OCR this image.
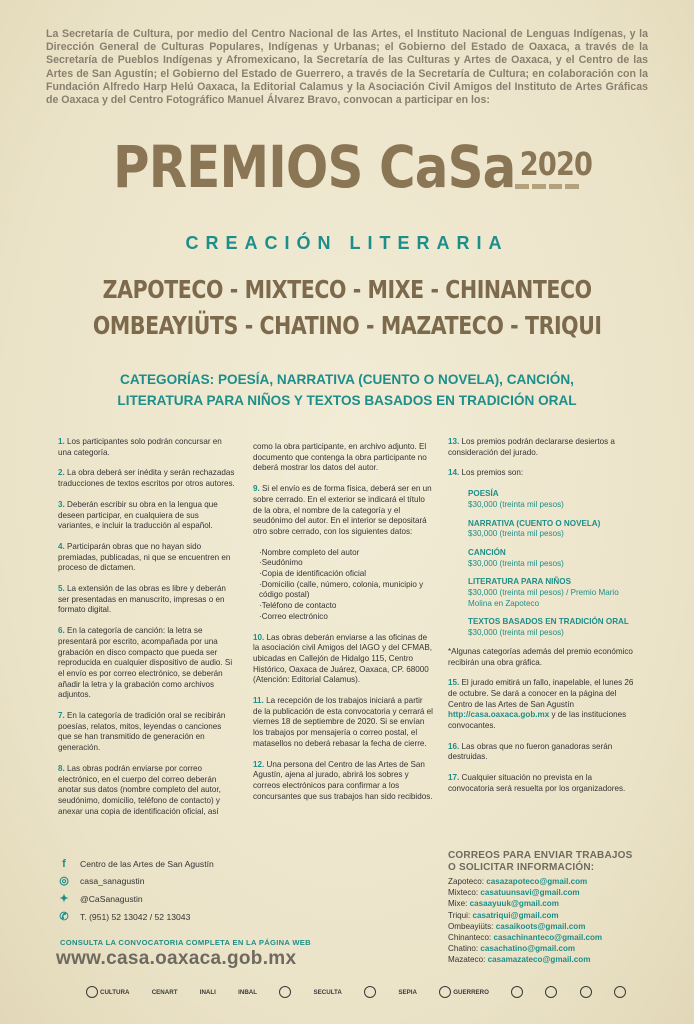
La Secretaría de Cultura, por medio del Centro Nacional de las Artes, el Instituto Nacional de Lenguas Indígenas, y la Dirección General de Culturas Populares, Indígenas y Urbanas; el Gobierno del Estado de Oaxaca, a través de la Secretaría de Pueblos Indígenas y Afromexicano, la Secretaría de las Culturas y Artes de Oaxaca, y el Centro de las Artes de San Agustín; el Gobierno del Estado de Guerrero, a través de la Secretaría de Cultura; en colaboración con la Fundación Alfredo Harp Helú Oaxaca, la Editorial Calamus y la Asociación Civil Amigos del Instituto de Artes Gráficas de Oaxaca y del Centro Fotográfico Manuel Álvarez Bravo, convocan a participar en los:
PREMIOS CaSa 2020
CREACIÓN LITERARIA
ZAPOTECO - MIXTECO - MIXE - CHINANTECO
OMBEAYIÜTS - CHATINO - MAZATECO - TRIQUI
CATEGORÍAS: POESÍA, NARRATIVA (CUENTO O NOVELA), CANCIÓN,
LITERATURA PARA NIÑOS Y TEXTOS BASADOS EN TRADICIÓN ORAL

1. Los participantes solo podrán concursar en una categoría.

2. La obra deberá ser inédita y serán rechazadas traducciones de textos escritos por otros autores.

3. Deberán escribir su obra en la lengua que deseen participar, en cualquiera de sus variantes, e incluir la traducción al español.

4. Participarán obras que no hayan sido premiadas, publicadas, ni que se encuentren en proceso de dictamen.

5. La extensión de las obras es libre y deberán ser presentadas en manuscrito, impresas o en formato digital.

6. En la categoría de canción: la letra se presentará por escrito, acompañada por una grabación en disco compacto que pueda ser reproducida en cualquier dispositivo de audio. Si el envío es por correo electrónico, se deberán añadir la letra y la grabación como archivos adjuntos.

7. En la categoría de tradición oral se recibirán poesías, relatos, mitos, leyendas o canciones que se han transmitido de generación en generación.

8. Las obras podrán enviarse por correo electrónico, en el cuerpo del correo deberán anotar sus datos (nombre completo del autor, seudónimo, domicilio, teléfono de contacto) y anexar una copia de identificación oficial, así

como la obra participante, en archivo adjunto. El documento que contenga la obra participante no deberá mostrar los datos del autor.

9. Si el envío es de forma física, deberá ser en un sobre cerrado. En el exterior se indicará el título de la obra, el nombre de la categoría y el seudónimo del autor. En el interior se depositará otro sobre cerrado, con los siguientes datos:

·Nombre completo del autor
·Seudónimo
·Copia de identificación oficial
·Domicilio (calle, número, colonia, municipio y código postal)
·Teléfono de contacto
·Correo electrónico

10. Las obras deberán enviarse a las oficinas de la asociación civil Amigos del IAGO y del CFMAB, ubicadas en Callejón de Hidalgo 115, Centro Histórico, Oaxaca de Juárez, Oaxaca, CP. 68000 (Atención: Editorial Calamus).

11. La recepción de los trabajos iniciará a partir de la publicación de esta convocatoria y cerrará el viernes 18 de septiembre de 2020. Si se envían los trabajos por mensajería o correo postal, el matasellos no deberá rebasar la fecha de cierre.

12. Una persona del Centro de las Artes de San Agustín, ajena al jurado, abrirá los sobres y correos electrónicos para confirmar a los concursantes que sus trabajos han sido recibidos.

13. Los premios podrán declararse desiertos a consideración del jurado.

14. Los premios son:

POESÍA
$30,000 (treinta mil pesos)
NARRATIVA (CUENTO O NOVELA)
$30,000 (treinta mil pesos)
CANCIÓN
$30,000 (treinta mil pesos)
LITERATURA PARA NIÑOS
$30,000 (treinta mil pesos) / Premio Mario Molina en Zapoteco
TEXTOS BASADOS EN TRADICIÓN ORAL
$30,000 (treinta mil pesos)

*Algunas categorías además del premio económico recibirán una obra gráfica.

15. El jurado emitirá un fallo, inapelable, el lunes 26 de octubre. Se dará a conocer en la página del Centro de las Artes de San Agustín http://casa.oaxaca.gob.mx y de las instituciones convocantes.

16. Las obras que no fueron ganadoras serán destruidas.

17. Cualquier situación no prevista en la convocatoria será resuelta por los organizadores.

f	Centro de las Artes de San Agustín
◎ casa_sanagustin
✦ @CaSanagustin
✆ T. (951) 52 13042 / 52 13043
CONSULTA LA CONVOCATORIA COMPLETA EN LA PÁGINA WEB
www.casa.oaxaca.gob.mx
CORREOS PARA ENVIAR TRABAJOS
O SOLICITAR INFORMACIÓN:
Zapoteco: casazapoteco@gmail.com
Mixteco: casatuunsavi@gmail.com
Mixe: casaayuuk@gmail.com
Triqui: casatriqui@gmail.com
Ombeayiüts: casaikoots@gmail.com
Chinanteco: casachinanteco@gmail.com
Chatino: casachatino@gmail.com
Mazateco: casamazateco@gmail.com
CULTURA	CENART	INALI	INBAL	SECULTA	SEPIA	GUERRERO
